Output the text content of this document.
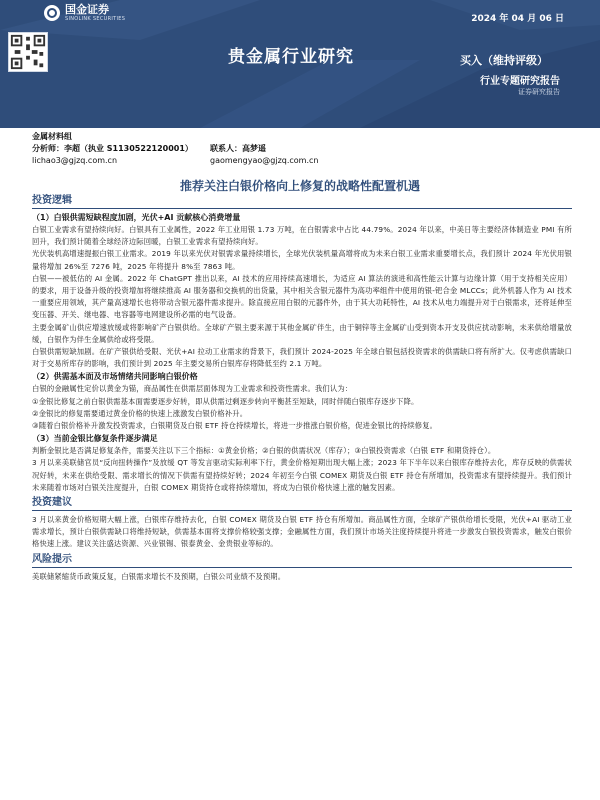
国金证券
SINOLINK SECURITIES	2024 年 04 月 06 日
贵金属行业研究	买入（维持评级）
行业专题研究报告
证券研究报告
金属材料组
分析师：李超（执业 S1130522120001）	联系人：高梦遥
lichao3@gjzq.com.cn	gaomengyao@gjzq.com.cn
推荐关注白银价格向上修复的战略性配置机遇
投资逻辑
（1）白银供需短缺程度加剧，光伏+AI 贡献核心消费增量

白银工业需求有望持续向好。白银具有工业属性，2022 年工业用银 1.73 万吨，在白银需求中占比 44.79%。2024 年以来，中美日等主要经济体制造业 PMI 有所回升，我们预计随着全球经济边际回暖，白银工业需求有望持续向好。

光伏装机高增速提振白银工业需求。2019 年以来光伏对银需求量持续增长，全球光伏装机量高增将成为未来白银工业需求重要增长点，我们预计 2024 年光伏用银量将增加 26%至 7276 吨，2025 年将提升 8%至 7863 吨。

白银——被低估的 AI 金属。2022 年 ChatGPT 推出以来，AI 技术的应用持续高速增长，为适应 AI 算法的演进和高性能云计算与边缘计算（用于支持相关应用）的要求，用于设备升级的投资增加将继续推高 AI 服务器和交换机的出货量，其中相关含银元器件为高功率组件中使用的银-钯合金 MLCCs；此外机器人作为 AI 技术一重要应用领域，其产量高速增长也将带动含银元器件需求提升。除直接应用白银的元器件外，由于其大功耗特性，AI 技术从电力端提升对于白银需求，还将延伸至变压器、开关、继电器、电容器等电网建设所必需的电气设备。

主要金属矿山供应增速放缓或将影响矿产白银供给。全球矿产银主要来源于其他金属矿伴生，由于铜锌等主金属矿山受到资本开支及供应扰动影响，未来供给增量放缓，白银作为伴生金属供给或将受限。

白银供需短缺加剧。在矿产银供给受限、光伏+AI 拉动工业需求的背景下，我们预计 2024-2025 年全球白银包括投资需求的供需缺口将有所扩大。仅考虑供需缺口对于交易所库存的影响，我们预计到 2025 年主要交易所白银库存将降低至约 2.1 万吨。

（2）供需基本面及市场情绪共同影响白银价格

白银的金融属性定价以黄金为锚，商品属性在供需层面体现为工业需求和投资性需求。我们认为：

①金银比修复之前白银供需基本面需要逐步好转，即从供需过剩逐步转向平衡甚至短缺，同时伴随白银库存逐步下降。

②金银比的修复需要通过黄金价格的快速上涨激发白银价格补升。

③随着白银价格补升激发投资需求，白银期货及白银 ETF 持仓持续增长，将进一步推涨白银价格，促进金银比的持续修复。

（3）当前金银比修复条件逐步满足

判断金银比是否满足修复条件，需要关注以下三个指标：①黄金价格；②白银的供需状况（库存）；③白银投资需求（白银 ETF 和期货持仓）。

3 月以来美联储官员“反向扭转操作”及放缓 QT 等发言驱动实际利率下行，黄金价格短期出现大幅上涨；2023 年下半年以来白银库存维持去化，库存反映的供需状况好转，未来在供给受限、需求增长的情况下供需有望持续好转；2024 年初至今白银 COMEX 期货及白银 ETF 持仓有所增加，投资需求有望持续提升。我们预计未来随着市场对白银关注度提升，白银 COMEX 期货持仓或将持续增加，将成为白银价格快速上涨的触发因素。

投资建议

3 月以来黄金价格短期大幅上涨，白银库存维持去化，白银 COMEX 期货及白银 ETF 持仓有所增加。商品属性方面，全球矿产银供给增长受限，光伏+AI 驱动工业需求增长，预计白银供需缺口将维持短缺，供需基本面将支撑价格较强支撑；金融属性方面，我们预计市场关注度持续提升将进一步激发白银投资需求，触发白银价格快速上涨。建议关注盛达资源、兴业银锡、银泰黄金、金贵银业等标的。

风险提示

美联储紧缩货币政策反复，白银需求增长不及预期，白银公司业绩不及预期。
